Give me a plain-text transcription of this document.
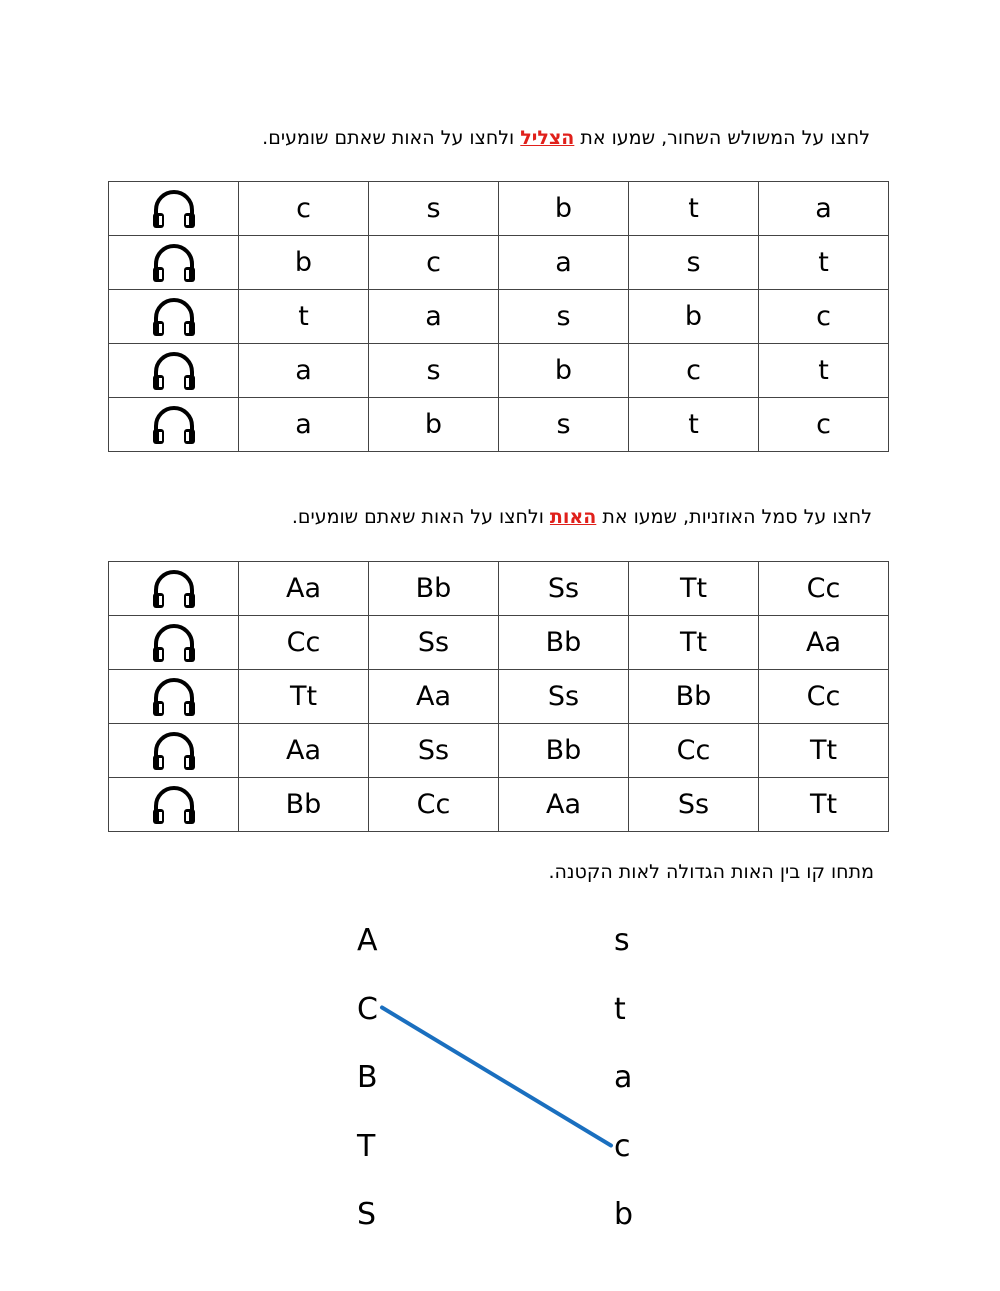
לחצו על המשולש השחור, שמעו את הצליל ולחצו על האות שאתם שומעים.
	c	s	b	t	a

	b	c	a	s	t

	t	a	s	b	c

	a	s	b	c	t

	a	b	s	t	c
לחצו על סמל האוזניות, שמעו את האות ולחצו על האות שאתם שומעים.
	Aa	Bb	Ss	Tt	Cc

	Cc	Ss	Bb	Tt	Aa

	Tt	Aa	Ss	Bb	Cc

	Aa	Ss	Bb	Cc	Tt

	Bb	Cc	Aa	Ss	Tt
מתחו קו בין האות הגדולה לאות הקטנה.
A
C
B
T
S
s
t
a
c
b
